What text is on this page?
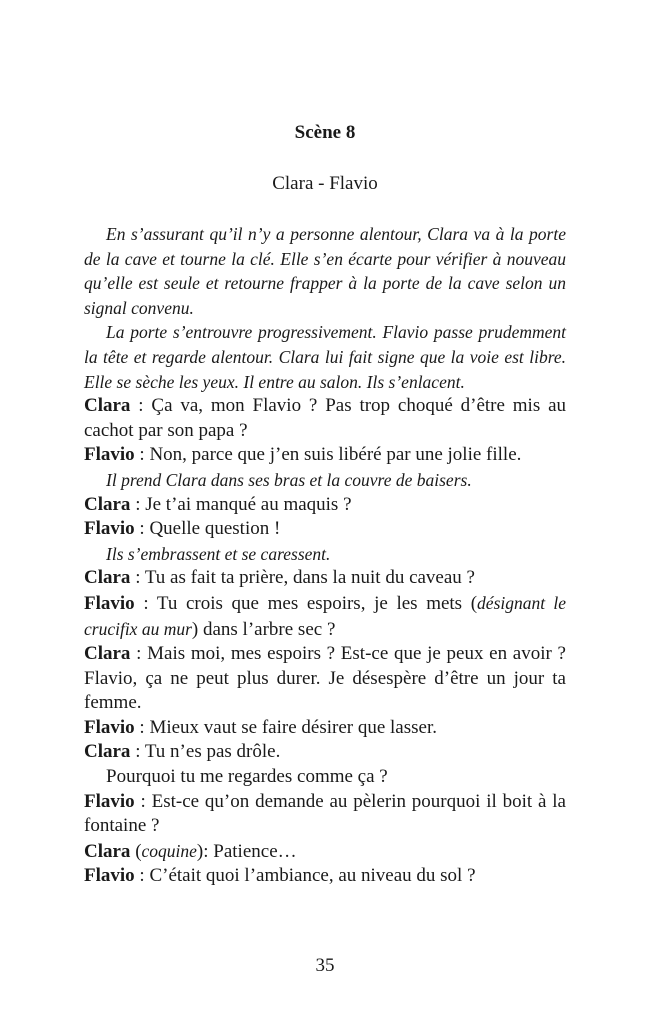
Scène 8
Clara - Flavio

En s’assurant qu’il n’y a personne alentour, Clara va à la porte de la cave et tourne la clé. Elle s’en écarte pour vérifier à nouveau qu’elle est seule et retourne frapper à la porte de la cave selon un signal convenu.

La porte s’entrouvre progressivement. Flavio passe prudemment la tête et regarde alentour. Clara lui fait signe que la voie est libre. Elle se sèche les yeux. Il entre au salon. Ils s’enlacent.

Clara : Ça va, mon Flavio ? Pas trop choqué d’être mis au cachot par son papa ?

Flavio : Non, parce que j’en suis libéré par une jolie fille.

Il prend Clara dans ses bras et la couvre de baisers.

Clara : Je t’ai manqué au maquis ?

Flavio : Quelle question !

Ils s’embrassent et se caressent.

Clara : Tu as fait ta prière, dans la nuit du caveau ?

Flavio : Tu crois que mes espoirs, je les mets (désignant le crucifix au mur) dans l’arbre sec ?

Clara : Mais moi, mes espoirs ? Est-ce que je peux en avoir ? Flavio, ça ne peut plus durer. Je désespère d’être un jour ta femme.

Flavio : Mieux vaut se faire désirer que lasser.

Clara : Tu n’es pas drôle.

Pourquoi tu me regardes comme ça ?

Flavio : Est-ce qu’on demande au pèlerin pourquoi il boit à la fontaine ?

Clara (coquine): Patience…

Flavio : C’était quoi l’ambiance, au niveau du sol ?

35
